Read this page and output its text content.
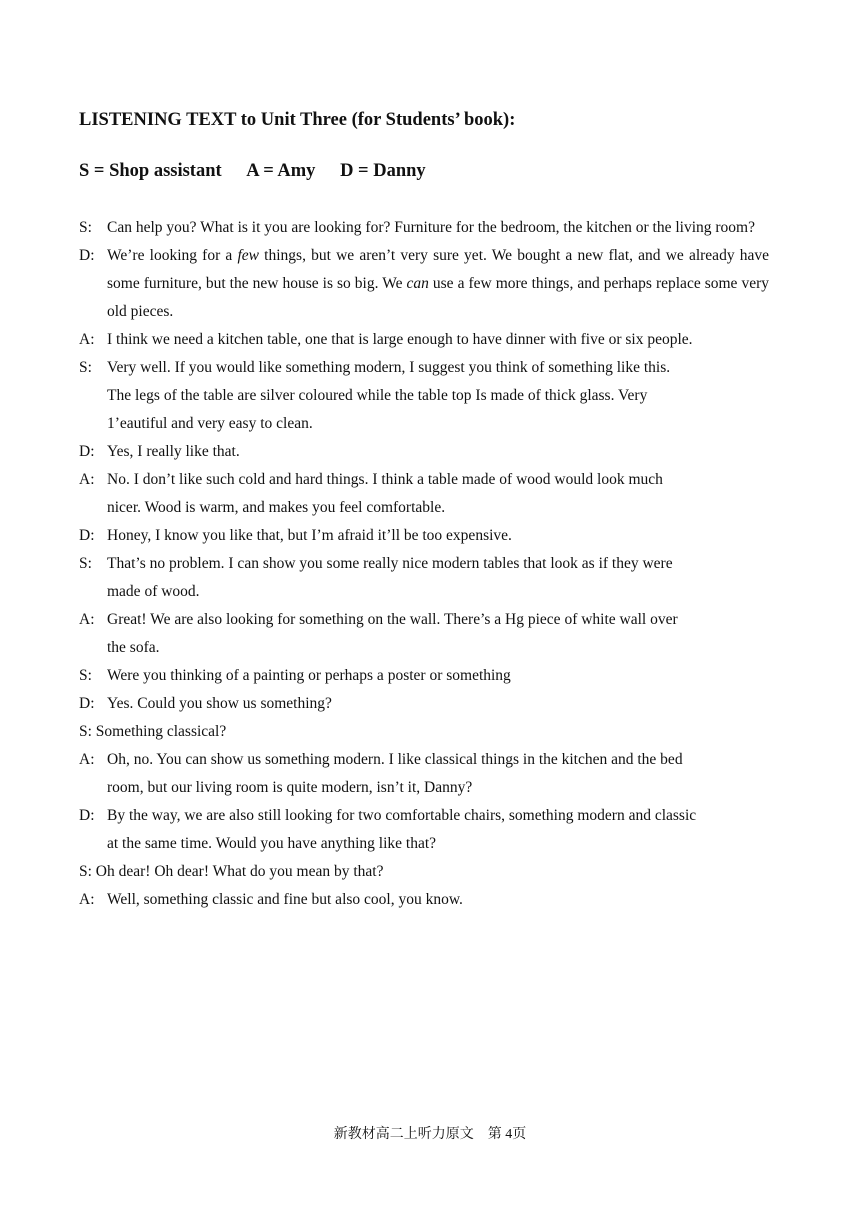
LISTENING TEXT to Unit Three (for Students’ book):
S = Shop assistant A = Amy D = Danny
S: Can help you? What is it you are looking for? Furniture for the bedroom, the kitchen or the living room?
D: We’re looking for a few things, but we aren’t very sure yet. We bought a new flat, and we already have some furniture, but the new house is so big. We can use a few more things, and perhaps replace some very old pieces.
A: I think we need a kitchen table, one that is large enough to have dinner with five or six people.
S: Very well. If you would like something modern, I suggest you think of something like this.
The legs of the table are silver coloured while the table top Is made of thick glass. Very
1’eautiful and very easy to clean.
D: Yes, I really like that.
A: No. I don’t like such cold and hard things. I think a table made of wood would look much
nicer. Wood is warm, and makes you feel comfortable.
D: Honey, I know you like that, but I’m afraid it’ll be too expensive.
S: That’s no problem. I can show you some really nice modern tables that look as if they were
made of wood.
A: Great! We are also looking for something on the wall. There’s a Hg piece of white wall over
the sofa.
S: Were you thinking of a painting or perhaps a poster or something
D: Yes. Could you show us something?
S: Something classical?
A: Oh, no. You can show us something modern. I like classical things in the kitchen and the bed
room, but our living room is quite modern, isn’t it, Danny?
D: By the way, we are also still looking for two comfortable chairs, something modern and classic
at the same time. Would you have anything like that?
S: Oh dear! Oh dear! What do you mean by that?
A: Well, something classic and fine but also cool, you know.
新教材高二上听力原文 第 4页
